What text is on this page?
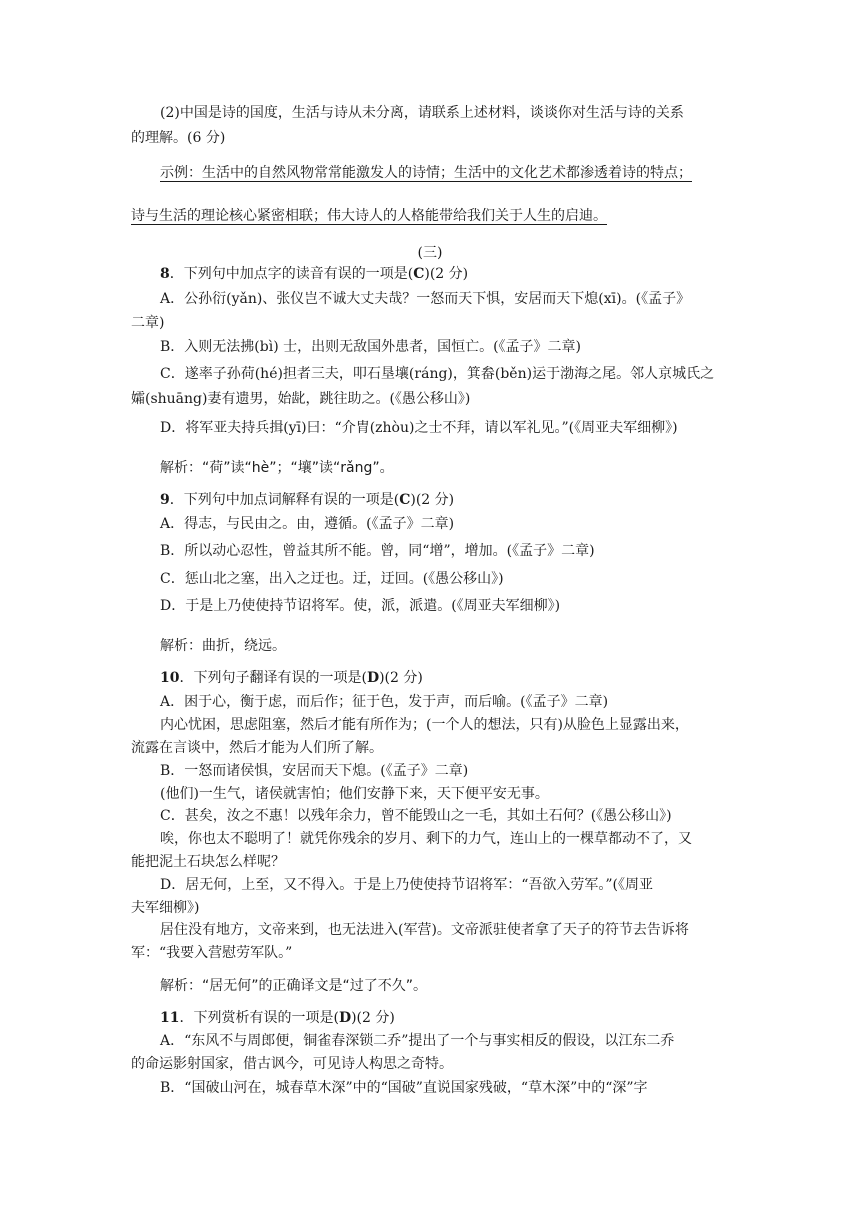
(2)中国是诗的国度，生活与诗从未分离，请联系上述材料，谈谈你对生活与诗的关系
的理解。(6 分)
示例：生活中的自然风物常常能激发人的诗情；生活中的文化艺术都渗透着诗的特点；
诗与生活的理论核心紧密相联；伟大诗人的人格能带给我们关于人生的启迪。
(三)
8．下列句中加点字的读音有误的一项是(C)(2 分)
A．公孙衍(yǎn)、张仪岂不诚大丈夫哉？一怒而天下惧，安居而天下熄(xī)。(《孟子》
二章)
B．入则无法拂(bì) 士，出则无敌国外患者，国恒亡。(《孟子》二章)
C．遂率子孙荷(hé)担者三夫，叩石垦壤(ráng)，箕畚(běn)运于渤海之尾。邻人京城氏之
孀(shuāng)妻有遗男，始龀，跳往助之。(《愚公移山》)
D．将军亚夫持兵揖(yī)曰：“介胄(zhòu)之士不拜，请以军礼见。”(《周亚夫军细柳》)
解析：“荷”读“hè”；“壤”读“rǎng”。
9．下列句中加点词解释有误的一项是(C)(2 分)
A．得志，与民由之。由，遵循。(《孟子》二章)
B．所以动心忍性，曾益其所不能。曾，同“增”，增加。(《孟子》二章)
C．惩山北之塞，出入之迂也。迂，迂回。(《愚公移山》)
D．于是上乃使使持节诏将军。使，派，派遣。(《周亚夫军细柳》)
解析：曲折，绕远。
10．下列句子翻译有误的一项是(D)(2 分)
A．困于心，衡于虑，而后作；征于色，发于声，而后喻。(《孟子》二章)
内心忧困，思虑阻塞，然后才能有所作为；(一个人的想法，只有)从脸色上显露出来，
流露在言谈中，然后才能为人们所了解。
B．一怒而诸侯惧，安居而天下熄。(《孟子》二章)
(他们)一生气，诸侯就害怕；他们安静下来，天下便平安无事。
C．甚矣，汝之不惠！以残年余力，曾不能毁山之一毛，其如土石何？(《愚公移山》)
唉，你也太不聪明了！就凭你残余的岁月、剩下的力气，连山上的一棵草都动不了，又
能把泥土石块怎么样呢？
D．居无何，上至，又不得入。于是上乃使使持节诏将军：“吾欲入劳军。”(《周亚
夫军细柳》)
居住没有地方，文帝来到，也无法进入(军营)。文帝派驻使者拿了天子的符节去告诉将
军：“我要入营慰劳军队。”
解析：“居无何”的正确译文是“过了不久”。
11．下列赏析有误的一项是(D)(2 分)
A．“东风不与周郎便，铜雀春深锁二乔”提出了一个与事实相反的假设，以江东二乔
的命运影射国家，借古讽今，可见诗人构思之奇特。
B．“国破山河在，城春草木深”中的“国破”直说国家残破，“草木深”中的“深”字
